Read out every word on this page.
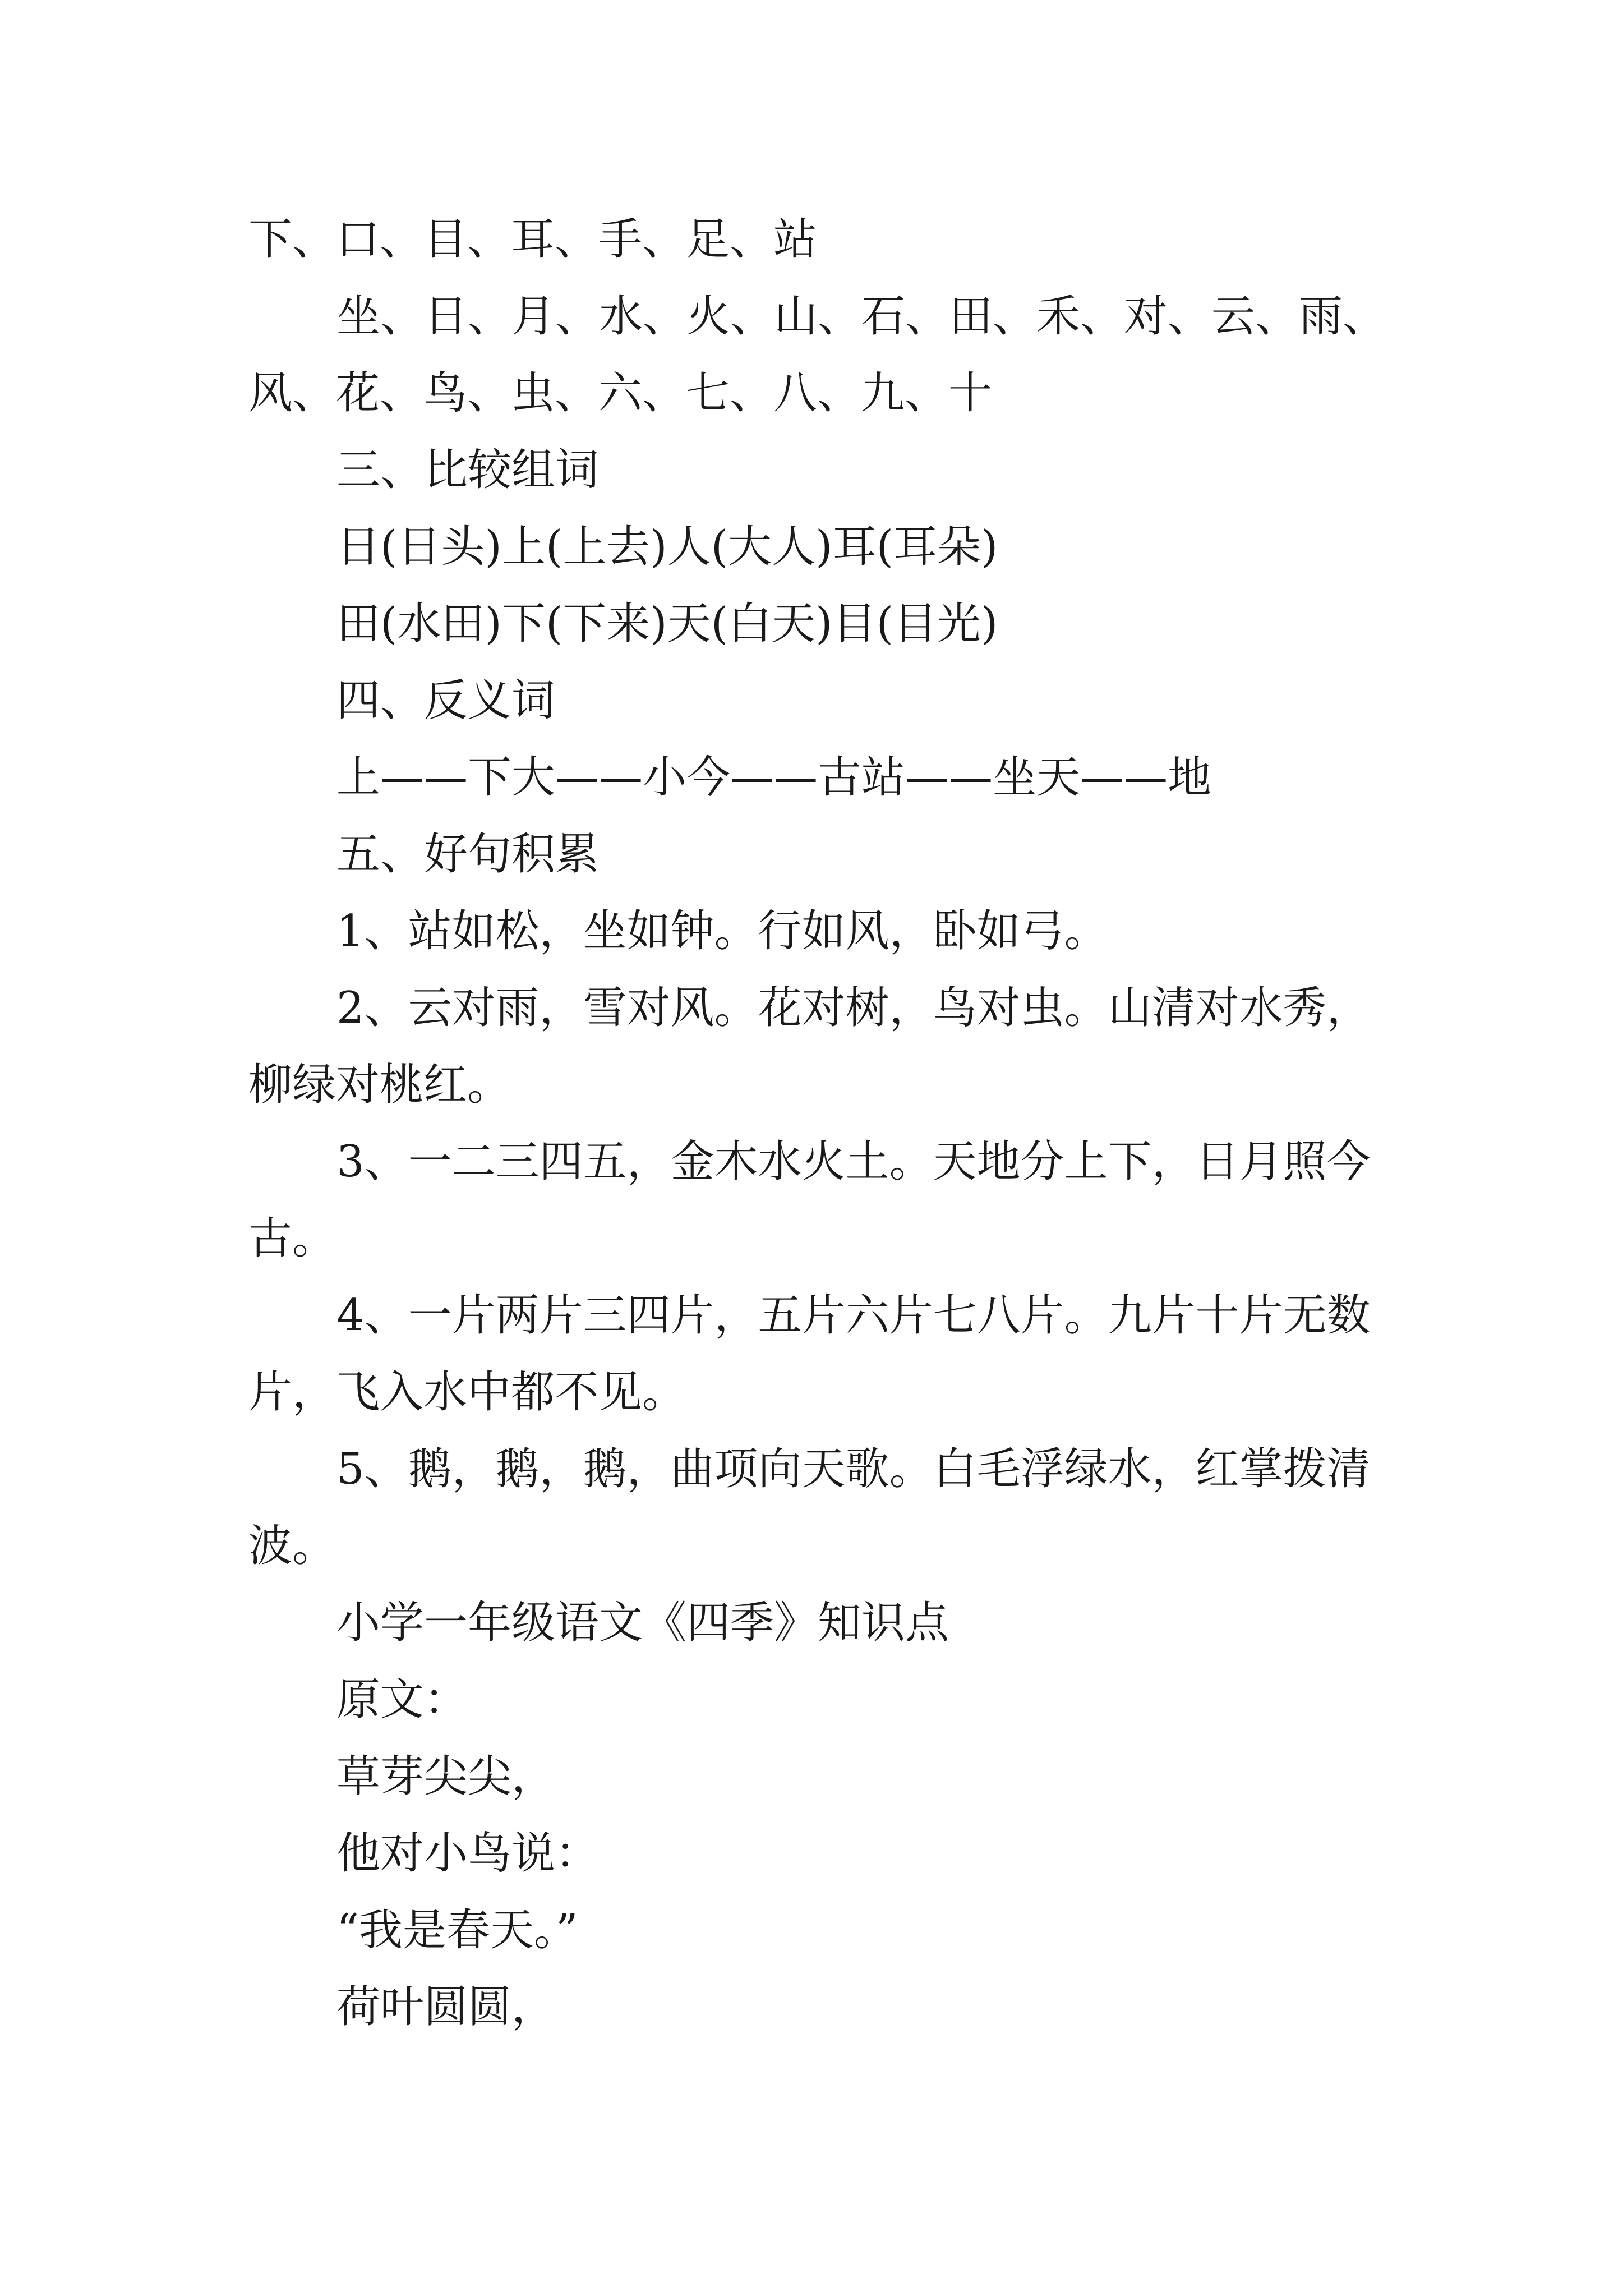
下、口、目、耳、手、足、站

坐、日、月、水、火、山、石、田、禾、对、云、雨、

风、花、鸟、虫、六、七、八、九、十

三、比较组词

日(日头)上(上去)人(大人)耳(耳朵)

田(水田)下(下来)天(白天)目(目光)

四、反义词

上——下大——小今——古站——坐天——地

五、好句积累

1、站如松，坐如钟。行如风，卧如弓。

2、云对雨，雪对风。花对树，鸟对虫。山清对水秀，

柳绿对桃红。

3、一二三四五，金木水火土。天地分上下，日月照今

古。

4、一片两片三四片，五片六片七八片。九片十片无数

片，飞入水中都不见。

5、鹅，鹅，鹅，曲项向天歌。白毛浮绿水，红掌拨清

波。

小学一年级语文《四季》知识点

原文：

草芽尖尖，

他对小鸟说：

“我是春天。”

荷叶圆圆，
